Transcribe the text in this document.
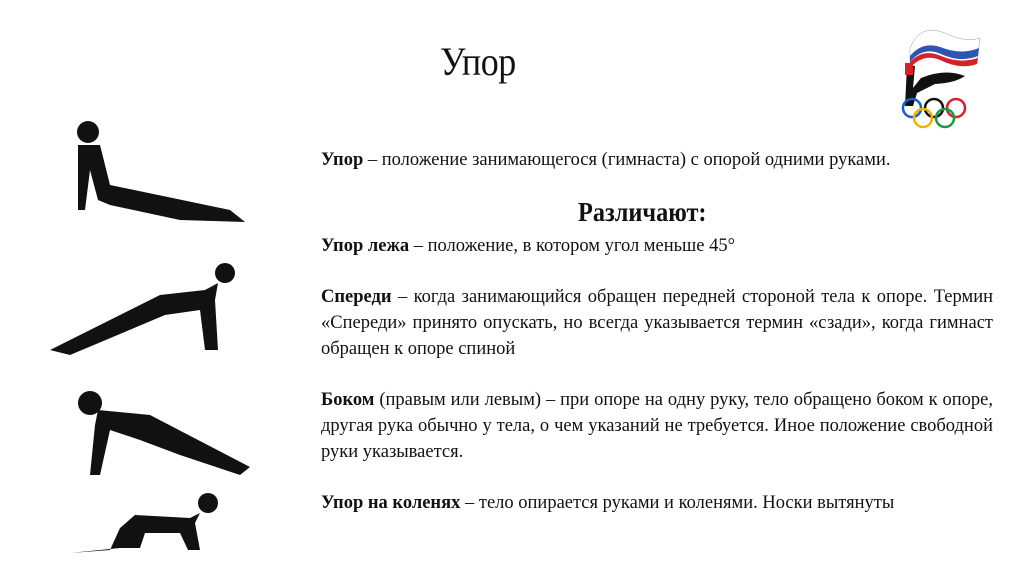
Упор
Упор – положение занимающегося (гимнаста) с опорой одними руками.
Различают:
Упор лежа – положение, в котором угол меньше 45°
Спереди – когда занимающийся обращен передней стороной тела к опоре. Термин «Спереди» принято опускать, но всегда указывается термин «сзади», когда гимнаст обращен к опоре спиной
Боком (правым или левым) – при опоре на одну руку, тело обращено боком к опоре, другая рука обычно у тела, о чем указаний не требуется. Иное положение свободной руки указывается.
Упор на коленях – тело опирается руками и коленями. Носки вытянуты
